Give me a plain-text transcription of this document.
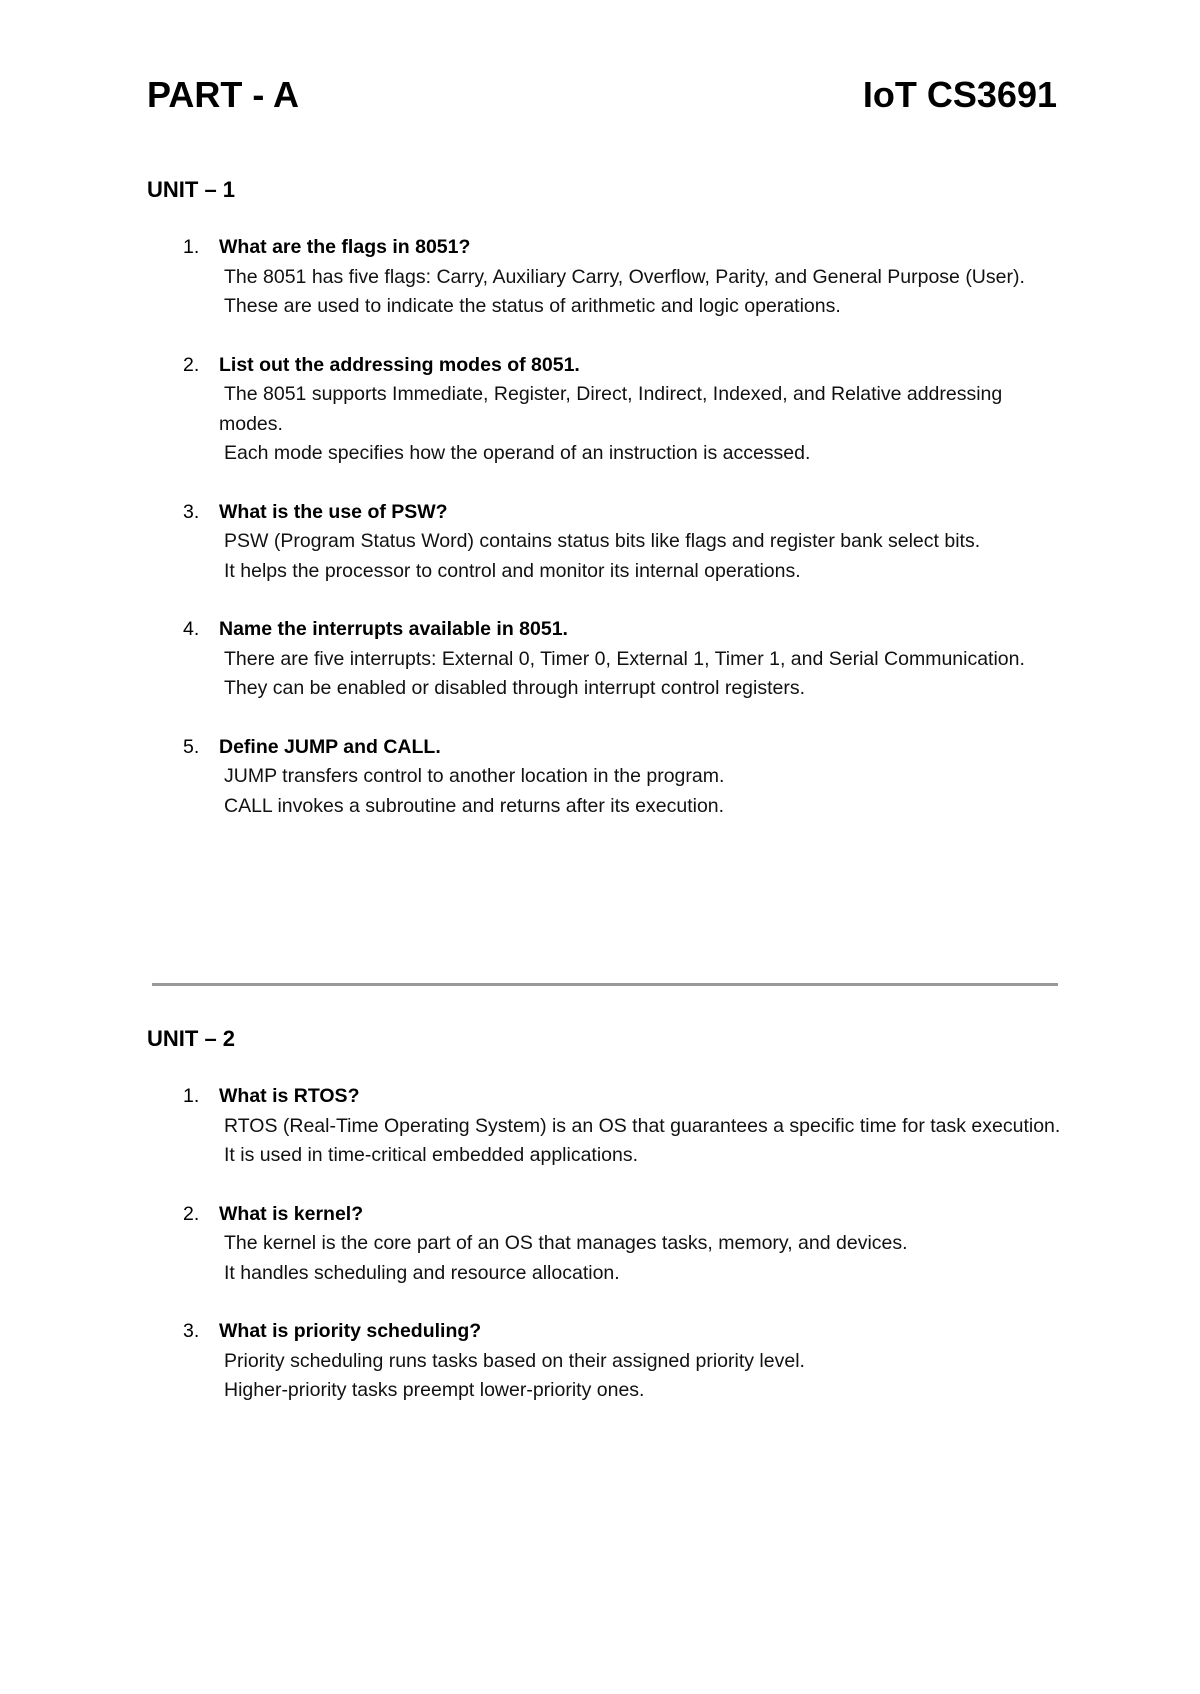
PART - A	IoT CS3691
UNIT – 1
1.	What are the flags in 8051?
The 8051 has five flags: Carry, Auxiliary Carry, Overflow, Parity, and General Purpose (User).
These are used to indicate the status of arithmetic and logic operations.
2.	List out the addressing modes of 8051.
The 8051 supports Immediate, Register, Direct, Indirect, Indexed, and Relative addressing modes.
Each mode specifies how the operand of an instruction is accessed.
3.	What is the use of PSW?
PSW (Program Status Word) contains status bits like flags and register bank select bits.
It helps the processor to control and monitor its internal operations.
4.	Name the interrupts available in 8051.
There are five interrupts: External 0, Timer 0, External 1, Timer 1, and Serial Communication.
They can be enabled or disabled through interrupt control registers.
5.	Define JUMP and CALL.
JUMP transfers control to another location in the program.
CALL invokes a subroutine and returns after its execution.
UNIT – 2
1.	What is RTOS?
RTOS (Real-Time Operating System) is an OS that guarantees a specific time for task execution.
It is used in time-critical embedded applications.
2.	What is kernel?
The kernel is the core part of an OS that manages tasks, memory, and devices.
It handles scheduling and resource allocation.
3.	What is priority scheduling?
Priority scheduling runs tasks based on their assigned priority level.
Higher-priority tasks preempt lower-priority ones.
